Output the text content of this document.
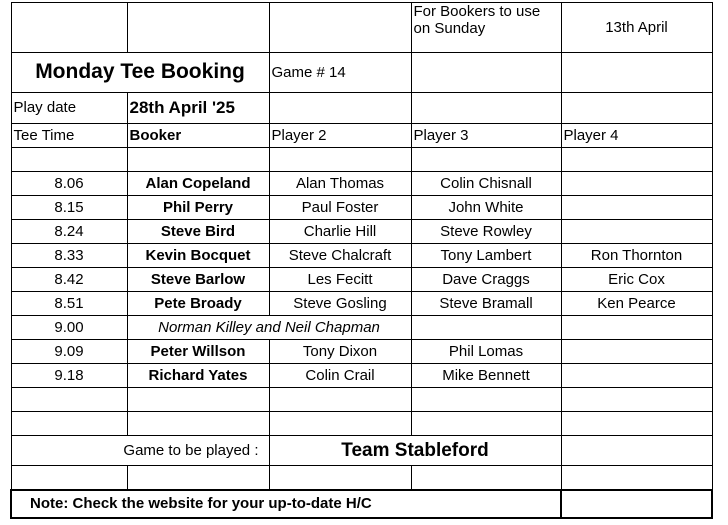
			For Bookers to use
on Sunday	13th April
Monday Tee Booking		Game # 14		
Play date	28th April '25			
Tee Time	Booker	Player 2	Player 3	Player 4

8.06	Alan Copeland	Alan Thomas	Colin Chisnall	
8.15	Phil Perry	Paul Foster	John White	
8.24	Steve Bird	Charlie Hill	Steve Rowley	
8.33	Kevin Bocquet	Steve Chalcraft	Tony Lambert	Ron Thornton
8.42	Steve Barlow	Les Fecitt	Dave Craggs	Eric Cox
8.51	Pete Broady	Steve Gosling	Steve Bramall	Ken Pearce
9.00	Norman Killey and Neil Chapman			
9.09	Peter Willson	Tony Dixon	Phil Lomas	
9.18	Richard Yates	Colin Crail	Mike Bennett	

Game to be played :		Team Stableford		

Note: Check the website for your up-to-date H/C				
